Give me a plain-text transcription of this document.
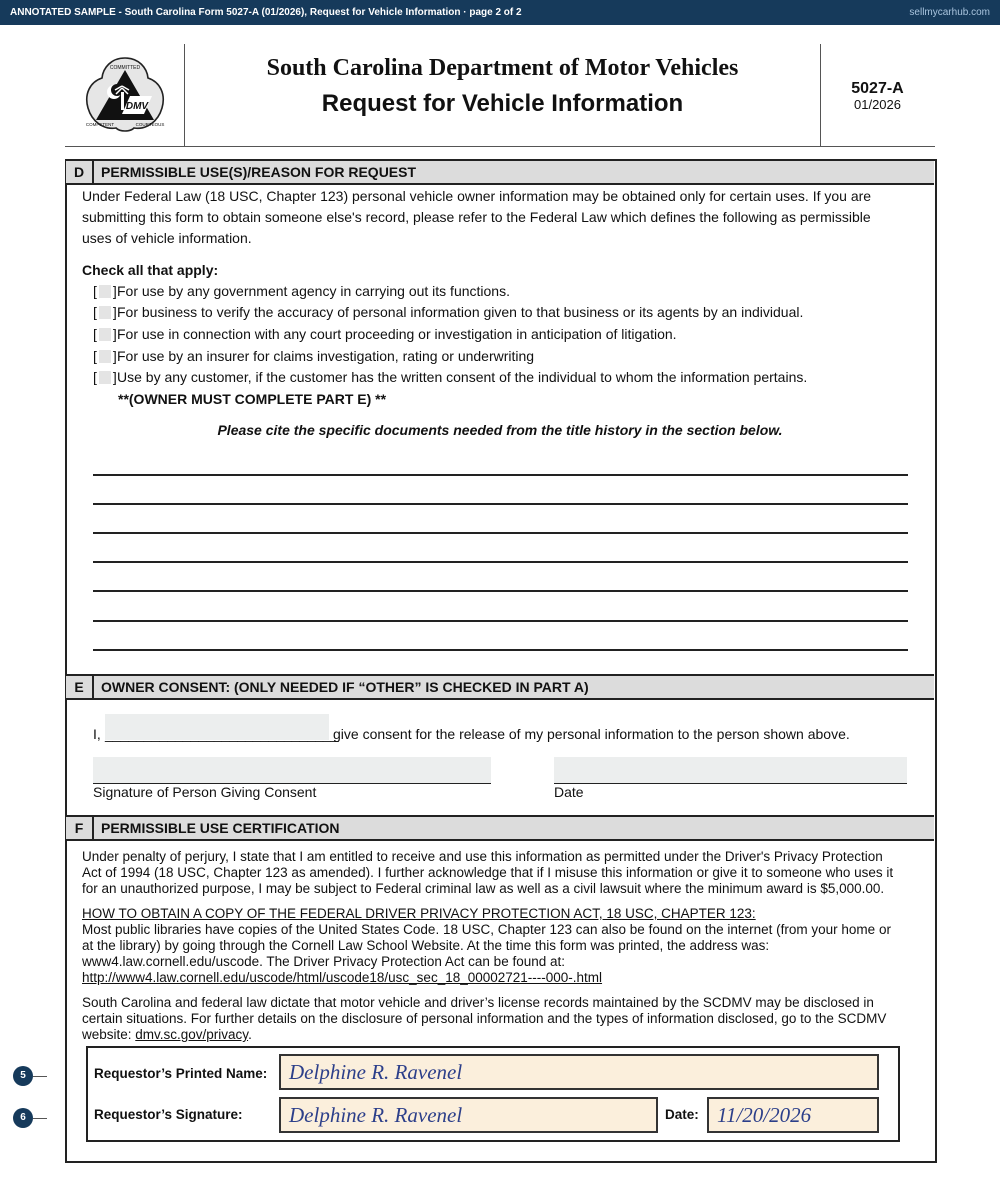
ANNOTATED SAMPLE - South Carolina Form 5027-A (01/2026), Request for Vehicle Information · page 2 of 2	sellmycarhub.com
DMV
COMMITTED
COMPETENT	COURTEOUS
South Carolina Department of Motor Vehicles
Request for Vehicle Information
5027-A
01/2026
D	PERMISSIBLE USE(S)/REASON FOR REQUEST
Under Federal Law (18 USC, Chapter 123) personal vehicle owner information may be obtained only for certain uses. If you are
submitting this form to obtain someone else's record, please refer to the Federal Law which defines the following as permissible
uses of vehicle information.
Check all that apply:
[ ] For use by any government agency in carrying out its functions.
[ ] For business to verify the accuracy of personal information given to that business or its agents by an individual.
[ ] For use in connection with any court proceeding or investigation in anticipation of litigation.
[ ] For use by an insurer for claims investigation, rating or underwriting
[ ] Use by any customer, if the customer has the written consent of the individual to whom the information pertains.
**(OWNER MUST COMPLETE PART E) **
Please cite the specific documents needed from the title history in the section below.
E	OWNER CONSENT: (ONLY NEEDED IF “OTHER” IS CHECKED IN PART A)
I, ______________________________
give consent for the release of my personal information to the person shown above.
Signature of Person Giving Consent	Date
F	PERMISSIBLE USE CERTIFICATION
Under penalty of perjury, I state that I am entitled to receive and use this information as permitted under the Driver's Privacy Protection
Act of 1994 (18 USC, Chapter 123 as amended). I further acknowledge that if I misuse this information or give it to someone who uses it
for an unauthorized purpose, I may be subject to Federal criminal law as well as a civil lawsuit where the minimum award is $5,000.00.
HOW TO OBTAIN A COPY OF THE FEDERAL DRIVER PRIVACY PROTECTION ACT, 18 USC, CHAPTER 123:
Most public libraries have copies of the United States Code. 18 USC, Chapter 123 can also be found on the internet (from your home or
at the library) by going through the Cornell Law School Website. At the time this form was printed, the address was:
www4.law.cornell.edu/uscode. The Driver Privacy Protection Act can be found at:
http://www4.law.cornell.edu/uscode/html/uscode18/usc_sec_18_00002721----000-.html
South Carolina and federal law dictate that motor vehicle and driver’s license records maintained by the SCDMV may be disclosed in
certain situations. For further details on the disclosure of personal information and the types of information disclosed, go to the SCDMV
website: dmv.sc.gov/privacy.
Requestor’s Printed Name:	Delphine R. Ravenel
Requestor’s Signature:	Delphine R. Ravenel	Date: 11/20/2026
5
6
